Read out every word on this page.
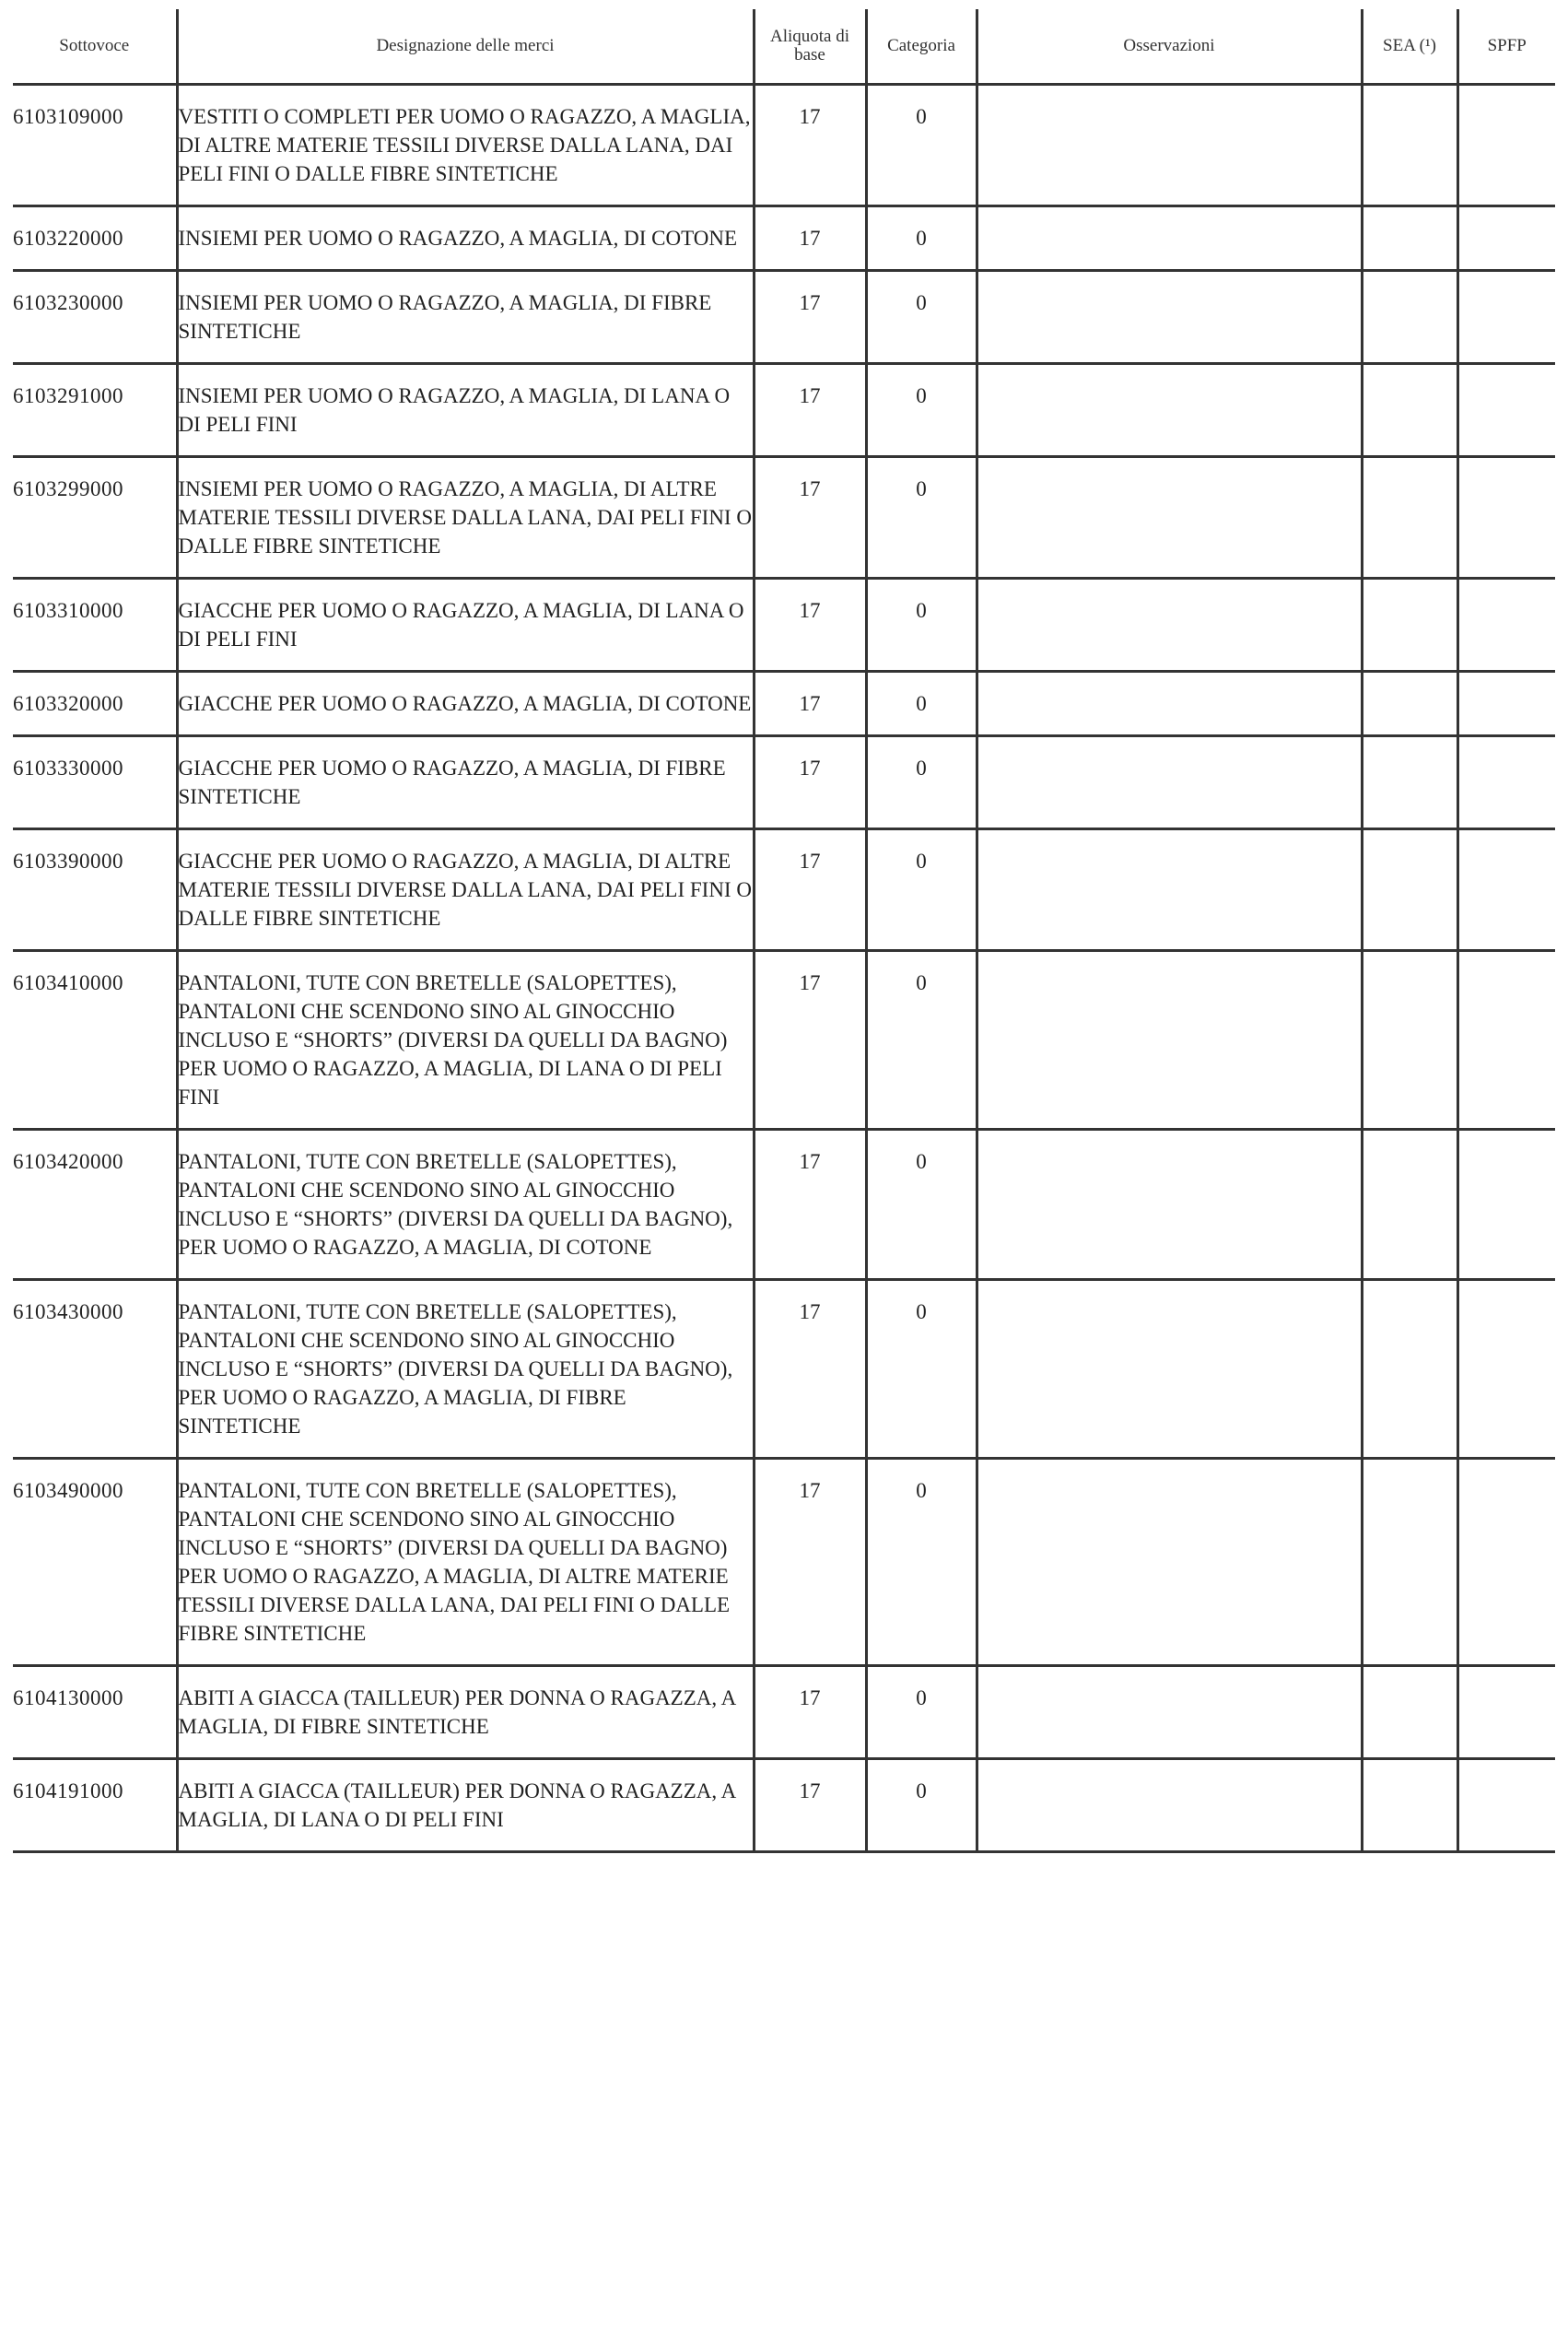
Sottovoce	Designazione delle merci	Aliquota di base	Categoria	Osservazioni	SEA (¹)	SPFP
6103109000	VESTITI O COMPLETI PER UOMO O RAGAZZO, A MAGLIA, DI ALTRE MATERIE TESSILI DIVERSE DALLA LANA, DAI PELI FINI O DALLE FIBRE SINTETICHE	17	0			
6103220000	INSIEMI PER UOMO O RAGAZZO, A MAGLIA, DI COTONE	17	0			
6103230000	INSIEMI PER UOMO O RAGAZZO, A MAGLIA, DI FIBRE SINTETICHE	17	0			
6103291000	INSIEMI PER UOMO O RAGAZZO, A MAGLIA, DI LANA O DI PELI FINI	17	0			
6103299000	INSIEMI PER UOMO O RAGAZZO, A MAGLIA, DI ALTRE MATERIE TESSILI DIVERSE DALLA LANA, DAI PELI FINI O DALLE FIBRE SINTETICHE	17	0			
6103310000	GIACCHE PER UOMO O RAGAZZO, A MAGLIA, DI LANA O DI PELI FINI	17	0			
6103320000	GIACCHE PER UOMO O RAGAZZO, A MAGLIA, DI COTONE	17	0			
6103330000	GIACCHE PER UOMO O RAGAZZO, A MAGLIA, DI FIBRE SINTETICHE	17	0			
6103390000	GIACCHE PER UOMO O RAGAZZO, A MAGLIA, DI ALTRE MATERIE TESSILI DIVERSE DALLA LANA, DAI PELI FINI O DALLE FIBRE SINTETICHE	17	0			
6103410000	PANTALONI, TUTE CON BRETELLE (SALOPETTES), PANTALONI CHE SCENDONO SINO AL GINOCCHIO INCLUSO E “SHORTS” (DIVERSI DA QUELLI DA BAGNO) PER UOMO O RAGAZZO, A MAGLIA, DI LANA O DI PELI FINI	17	0			
6103420000	PANTALONI, TUTE CON BRETELLE (SALOPETTES), PANTALONI CHE SCENDONO SINO AL GINOCCHIO INCLUSO E “SHORTS” (DIVERSI DA QUELLI DA BAGNO), PER UOMO O RAGAZZO, A MAGLIA, DI COTONE	17	0			
6103430000	PANTALONI, TUTE CON BRETELLE (SALOPETTES), PANTALONI CHE SCENDONO SINO AL GINOCCHIO INCLUSO E “SHORTS” (DIVERSI DA QUELLI DA BAGNO), PER UOMO O RAGAZZO, A MAGLIA, DI FIBRE SINTETICHE	17	0			
6103490000	PANTALONI, TUTE CON BRETELLE (SALOPETTES), PANTALONI CHE SCENDONO SINO AL GINOCCHIO INCLUSO E “SHORTS” (DIVERSI DA QUELLI DA BAGNO) PER UOMO O RAGAZZO, A MAGLIA, DI ALTRE MATERIE TESSILI DIVERSE DALLA LANA, DAI PELI FINI O DALLE FIBRE SINTETICHE	17	0			
6104130000	ABITI A GIACCA (TAILLEUR) PER DONNA O RAGAZZA, A MAGLIA, DI FIBRE SINTETICHE	17	0			
6104191000	ABITI A GIACCA (TAILLEUR) PER DONNA O RAGAZZA, A MAGLIA, DI LANA O DI PELI FINI	17	0			
